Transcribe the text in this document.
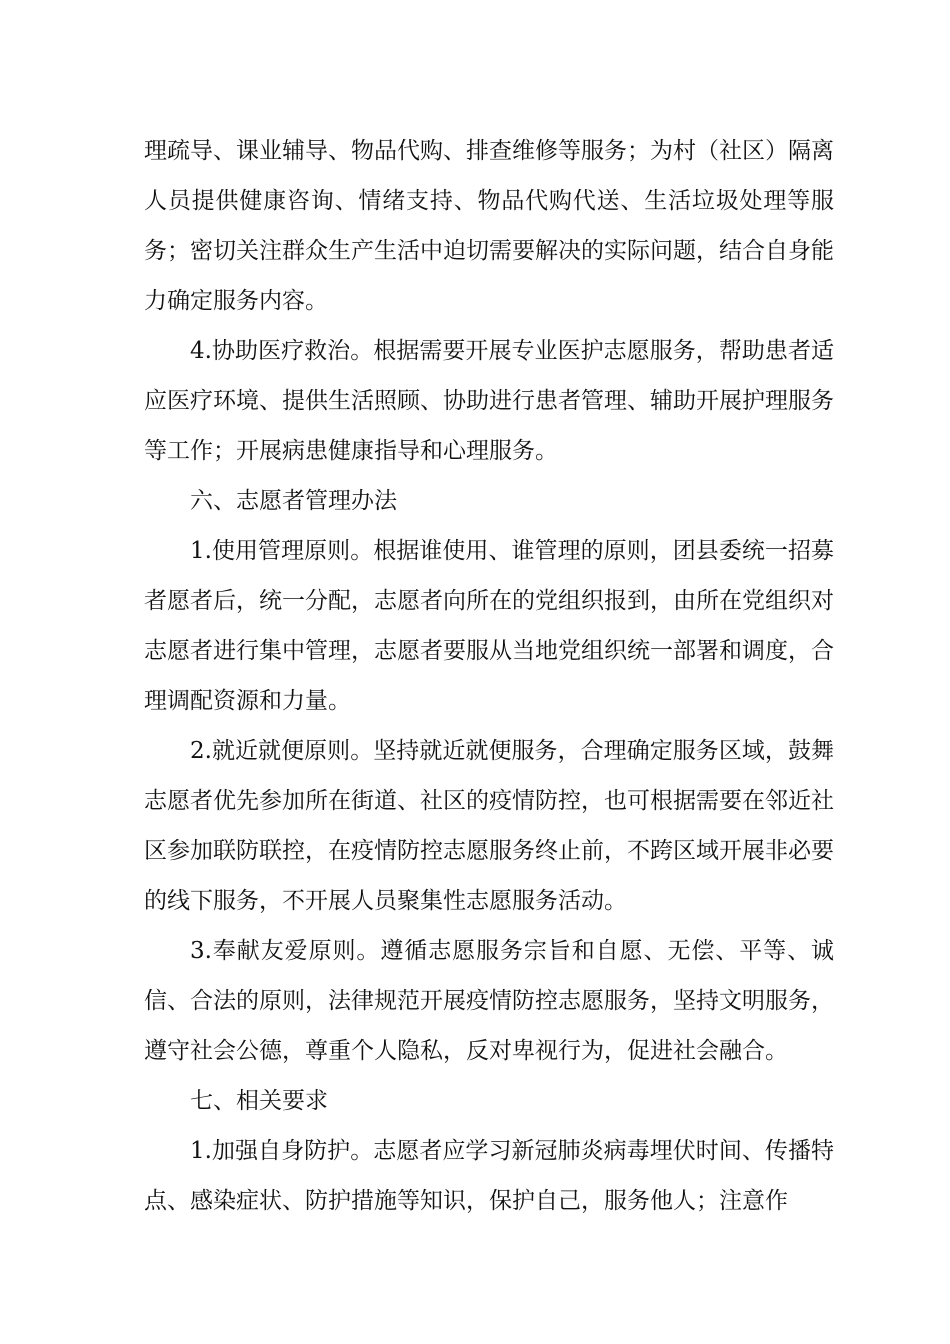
理疏导、课业辅导、物品代购、排查维修等服务；为村（社区）隔离人员提供健康咨询、情绪支持、物品代购代送、生活垃圾处理等服务；密切关注群众生产生活中迫切需要解决的实际问题，结合自身能力确定服务内容。

4.协助医疗救治。根据需要开展专业医护志愿服务，帮助患者适应医疗环境、提供生活照顾、协助进行患者管理、辅助开展护理服务等工作；开展病患健康指导和心理服务。

六、志愿者管理办法

1.使用管理原则。根据谁使用、谁管理的原则，团县委统一招募者愿者后，统一分配，志愿者向所在的党组织报到，由所在党组织对志愿者进行集中管理，志愿者要服从当地党组织统一部署和调度，合理调配资源和力量。

2.就近就便原则。坚持就近就便服务，合理确定服务区域，鼓舞志愿者优先参加所在街道、社区的疫情防控，也可根据需要在邻近社区参加联防联控，在疫情防控志愿服务终止前，不跨区域开展非必要的线下服务，不开展人员聚集性志愿服务活动。

3.奉献友爱原则。遵循志愿服务宗旨和自愿、无偿、平等、诚信、合法的原则，法律规范开展疫情防控志愿服务，坚持文明服务，遵守社会公德，尊重个人隐私，反对卑视行为，促进社会融合。

七、相关要求

1.加强自身防护。志愿者应学习新冠肺炎病毒埋伏时间、传播特点、感染症状、防护措施等知识，保护自己，服务他人；注意作
